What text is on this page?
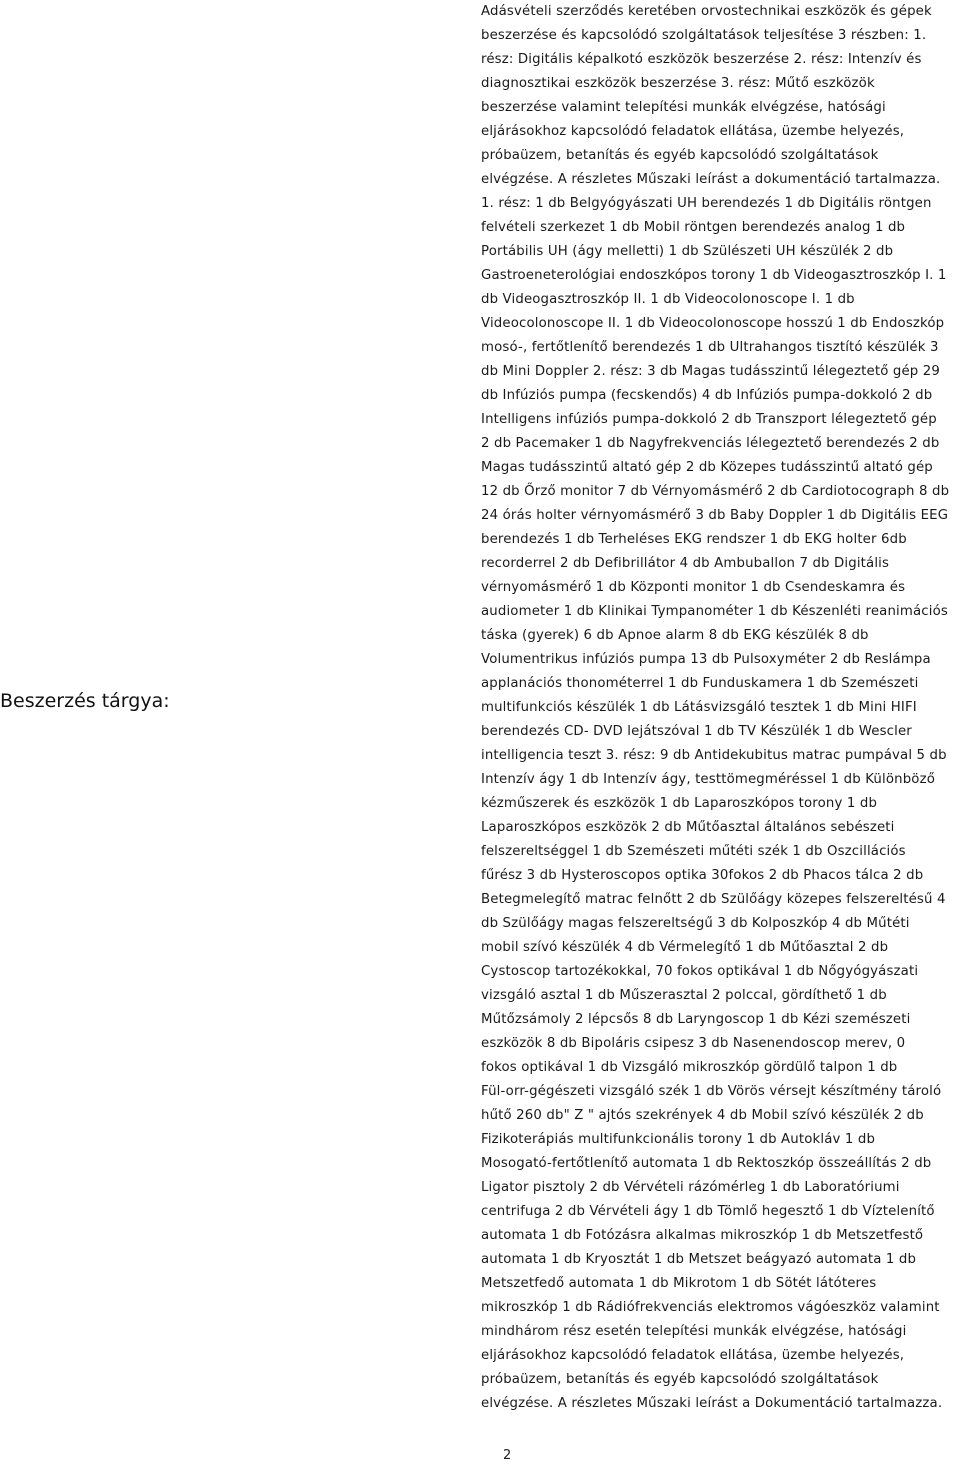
Beszerzés tárgya:
Adásvételi szerződés keretében orvostechnikai eszközök és gépek
beszerzése és kapcsolódó szolgáltatások teljesítése 3 részben: 1.
rész: Digitális képalkotó eszközök beszerzése 2. rész: Intenzív és
diagnosztikai eszközök beszerzése 3. rész: Műtő eszközök
beszerzése valamint telepítési munkák elvégzése, hatósági
eljárásokhoz kapcsolódó feladatok ellátása, üzembe helyezés,
próbaüzem, betanítás és egyéb kapcsolódó szolgáltatások
elvégzése. A részletes Műszaki leírást a dokumentáció tartalmazza.
1. rész: 1 db Belgyógyászati UH berendezés 1 db Digitális röntgen
felvételi szerkezet 1 db Mobil röntgen berendezés analog 1 db
Portábilis UH (ágy melletti) 1 db Szülészeti UH készülék 2 db
Gastroeneterológiai endoszkópos torony 1 db Videogasztroszkóp I. 1
db Videogasztroszkóp II. 1 db Videocolonoscope I. 1 db
Videocolonoscope II. 1 db Videocolonoscope hosszú 1 db Endoszkóp
mosó-, fertőtlenítő berendezés 1 db Ultrahangos tisztító készülék 3
db Mini Doppler 2. rész: 3 db Magas tudásszintű lélegeztető gép 29
db Infúziós pumpa (fecskendős) 4 db Infúziós pumpa-dokkoló 2 db
Intelligens infúziós pumpa-dokkoló 2 db Transzport lélegeztető gép
2 db Pacemaker 1 db Nagyfrekvenciás lélegeztető berendezés 2 db
Magas tudásszintű altató gép 2 db Közepes tudásszintű altató gép
12 db Őrző monitor 7 db Vérnyomásmérő 2 db Cardiotocograph 8 db
24 órás holter vérnyomásmérő 3 db Baby Doppler 1 db Digitális EEG
berendezés 1 db Terheléses EKG rendszer 1 db EKG holter 6db
recorderrel 2 db Defibrillátor 4 db Ambuballon 7 db Digitális
vérnyomásmérő 1 db Központi monitor 1 db Csendeskamra és
audiometer 1 db Klinikai Tympanométer 1 db Készenléti reanimációs
táska (gyerek) 6 db Apnoe alarm 8 db EKG készülék 8 db
Volumentrikus infúziós pumpa 13 db Pulsoxyméter 2 db Reslámpa
applanációs thonométerrel 1 db Funduskamera 1 db Szemészeti
multifunkciós készülék 1 db Látásvizsgáló tesztek 1 db Mini HIFI
berendezés CD- DVD lejátszóval 1 db TV Készülék 1 db Wescler
intelligencia teszt 3. rész: 9 db Antidekubitus matrac pumpával 5 db
Intenzív ágy 1 db Intenzív ágy, testtömegméréssel 1 db Különböző
kézműszerek és eszközök 1 db Laparoszkópos torony 1 db
Laparoszkópos eszközök 2 db Műtőasztal általános sebészeti
felszereltséggel 1 db Szemészeti műtéti szék 1 db Oszcillációs
fűrész 3 db Hysteroscopos optika 30fokos 2 db Phacos tálca 2 db
Betegmelegítő matrac felnőtt 2 db Szülőágy közepes felszereltésű 4
db Szülőágy magas felszereltségű 3 db Kolposzkóp 4 db Műtéti
mobil szívó készülék 4 db Vérmelegítő 1 db Műtőasztal 2 db
Cystoscop tartozékokkal, 70 fokos optikával 1 db Nőgyógyászati
vizsgáló asztal 1 db Műszerasztal 2 polccal, gördíthető 1 db
Műtőzsámoly 2 lépcsős 8 db Laryngoscop 1 db Kézi szemészeti
eszközök 8 db Bipoláris csipesz 3 db Nasenendoscop merev, 0
fokos optikával 1 db Vizsgáló mikroszkóp gördülő talpon 1 db
Fül-orr-gégészeti vizsgáló szék 1 db Vörös vérsejt készítmény tároló
hűtő 260 db" Z " ajtós szekrények 4 db Mobil szívó készülék 2 db
Fizikoterápiás multifunkcionális torony 1 db Autokláv 1 db
Mosogató-fertőtlenítő automata 1 db Rektoszkóp összeállítás 2 db
Ligator pisztoly 2 db Vérvételi rázómérleg 1 db Laboratóriumi
centrifuga 2 db Vérvételi ágy 1 db Tömlő hegesztő 1 db Víztelenítő
automata 1 db Fotózásra alkalmas mikroszkóp 1 db Metszetfestő
automata 1 db Kryosztát 1 db Metszet beágyazó automata 1 db
Metszetfedő automata 1 db Mikrotom 1 db Sötét látóteres
mikroszkóp 1 db Rádiófrekvenciás elektromos vágóeszköz valamint
mindhárom rész esetén telepítési munkák elvégzése, hatósági
eljárásokhoz kapcsolódó feladatok ellátása, üzembe helyezés,
próbaüzem, betanítás és egyéb kapcsolódó szolgáltatások
elvégzése. A részletes Műszaki leírást a Dokumentáció tartalmazza.
2
